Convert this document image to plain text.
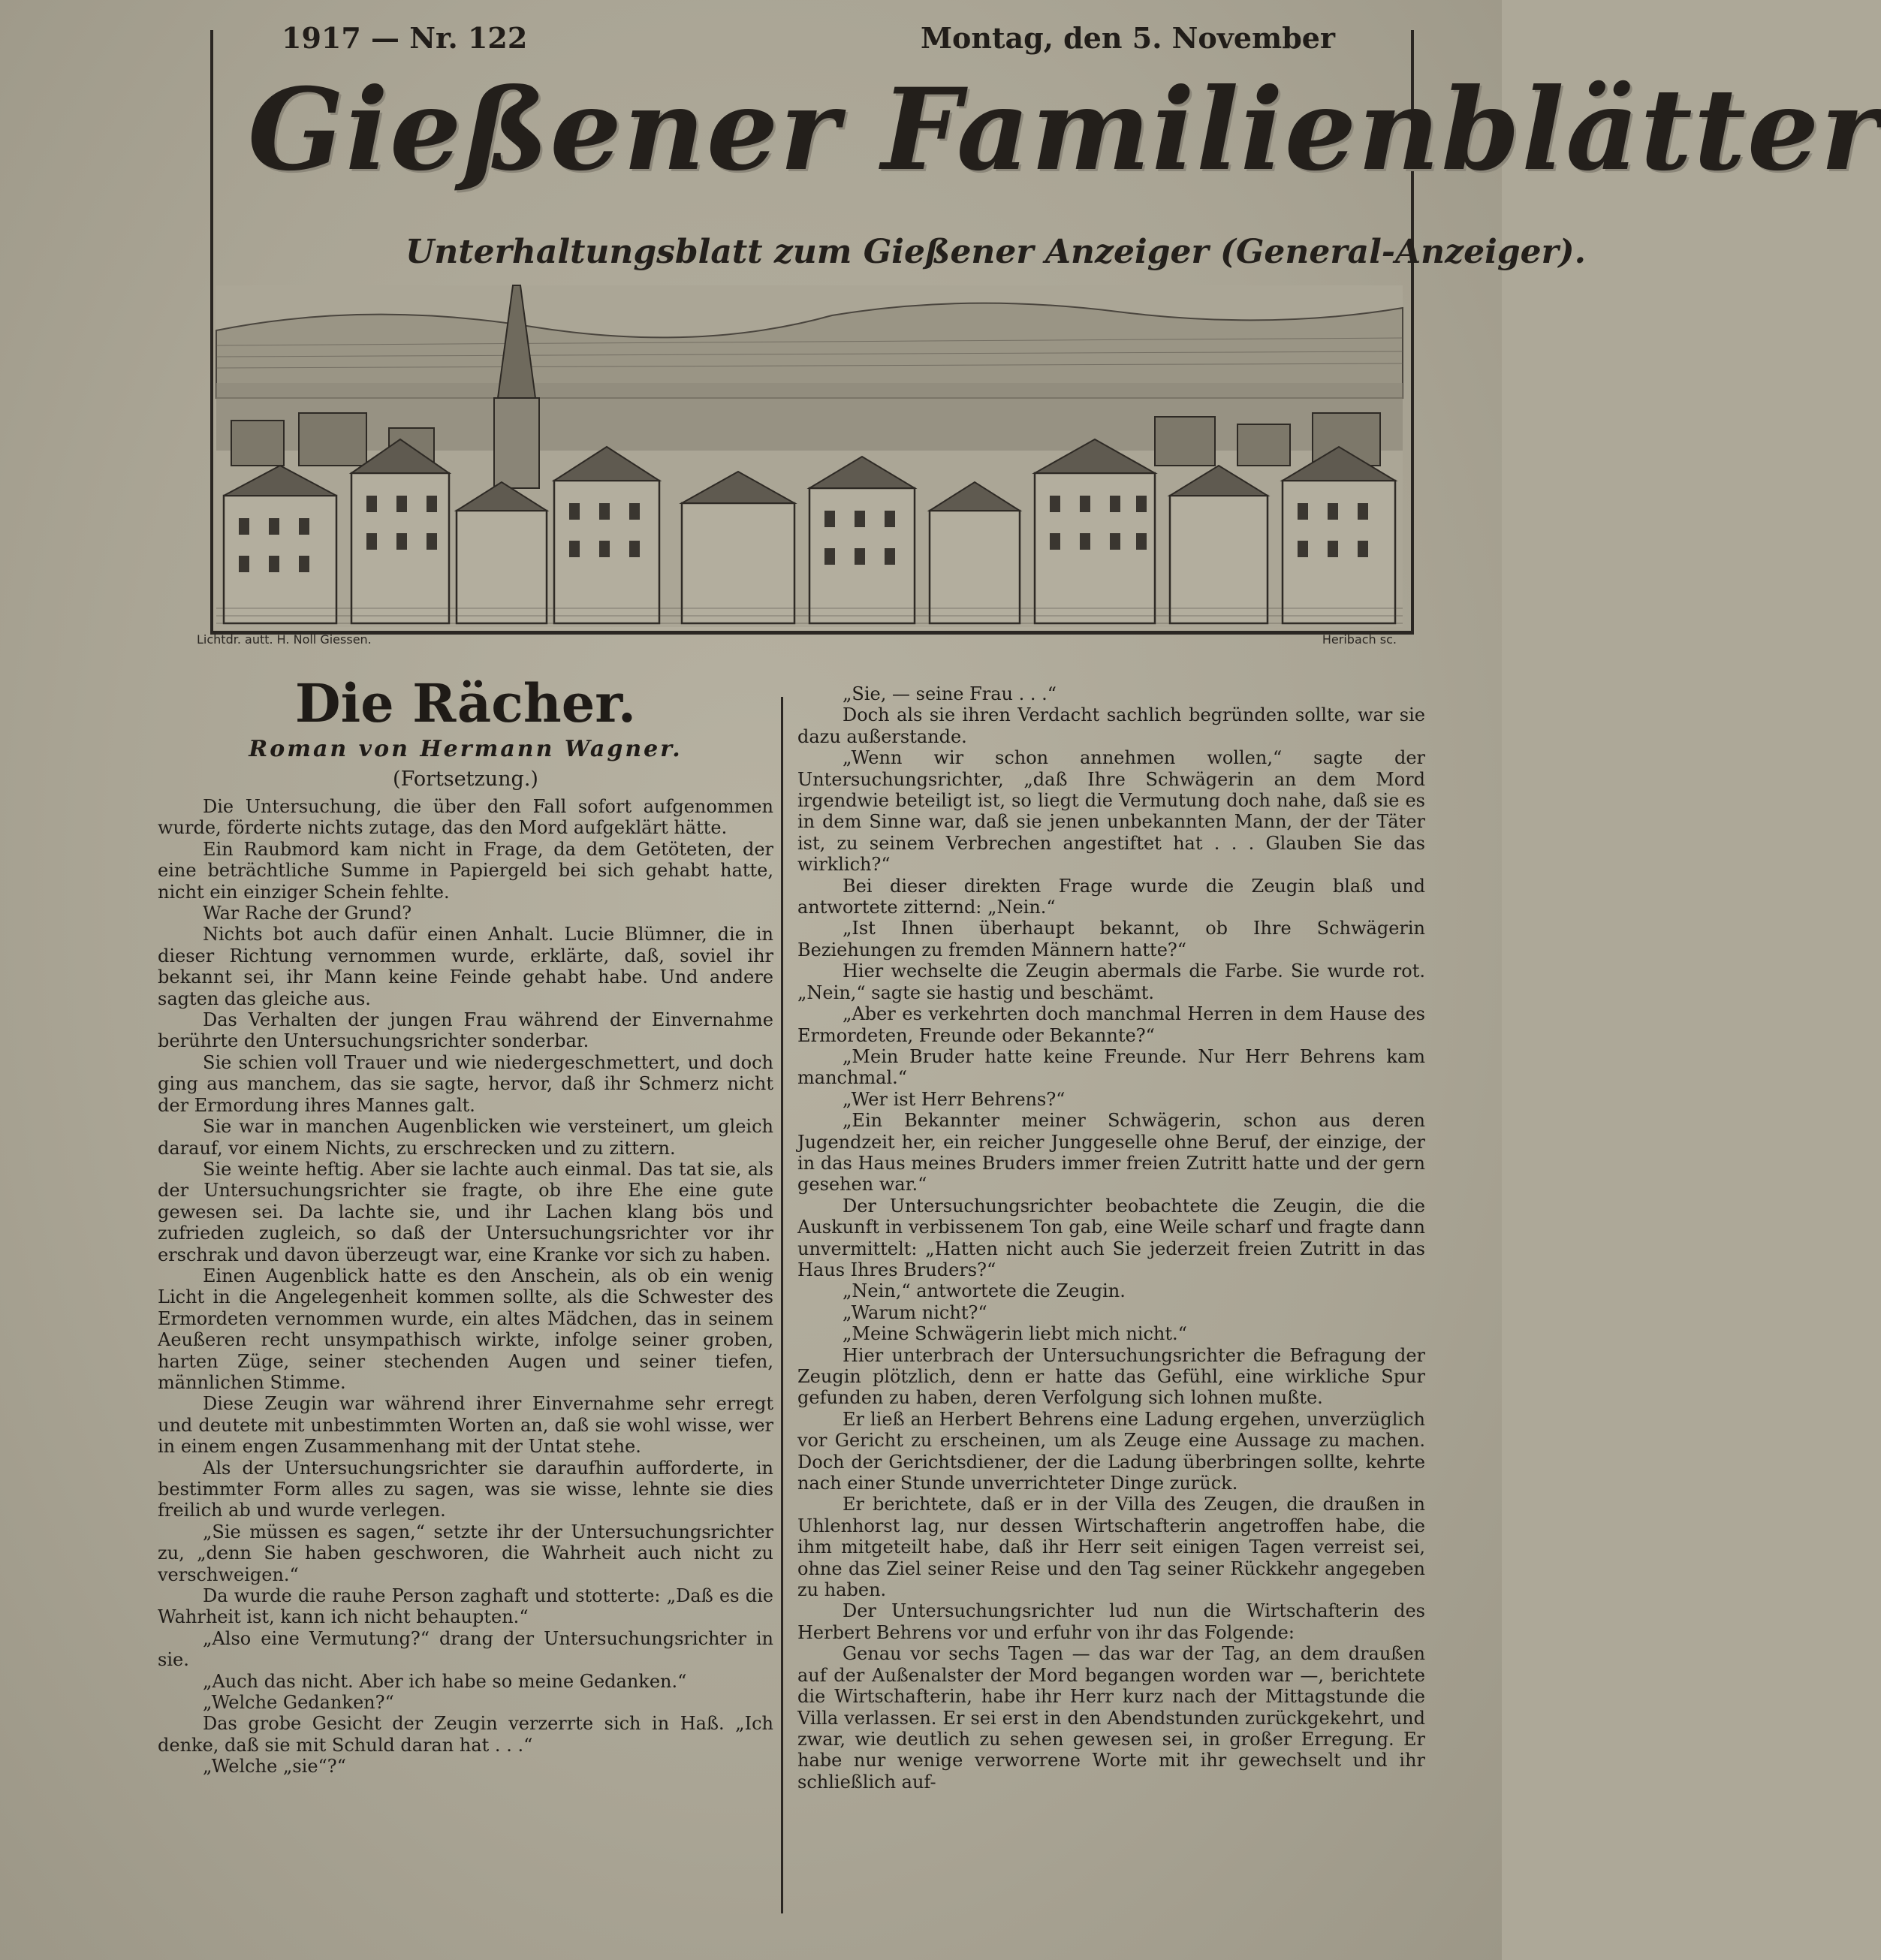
1917 — Nr. 122	Montag, den 5. November
Gießener Familienblätter
Unterhaltungsblatt zum Gießener Anzeiger (General-Anzeiger).
Lichtdr. autt. H. Noll Giessen.	Heribach sc.
Die Rächer.
Roman von Hermann Wagner.
(Fortsetzung.)

Die Untersuchung, die über den Fall sofort aufgenommen wurde, förderte nichts zutage, das den Mord aufgeklärt hätte.

Ein Raubmord kam nicht in Frage, da dem Getöteten, der eine beträchtliche Summe in Papiergeld bei sich gehabt hatte, nicht ein einziger Schein fehlte.

War Rache der Grund?

Nichts bot auch dafür einen Anhalt. Lucie Blümner, die in dieser Richtung vernommen wurde, erklärte, daß, soviel ihr bekannt sei, ihr Mann keine Feinde gehabt habe. Und andere sagten das gleiche aus.

Das Verhalten der jungen Frau während der Einvernahme berührte den Untersuchungsrichter sonderbar.

Sie schien voll Trauer und wie niedergeschmettert, und doch ging aus manchem, das sie sagte, hervor, daß ihr Schmerz nicht der Ermordung ihres Mannes galt.

Sie war in manchen Augenblicken wie versteinert, um gleich darauf, vor einem Nichts, zu erschrecken und zu zittern.

Sie weinte heftig. Aber sie lachte auch einmal. Das tat sie, als der Untersuchungsrichter sie fragte, ob ihre Ehe eine gute gewesen sei. Da lachte sie, und ihr Lachen klang bös und zufrieden zugleich, so daß der Untersuchungsrichter vor ihr erschrak und davon überzeugt war, eine Kranke vor sich zu haben.

Einen Augenblick hatte es den Anschein, als ob ein wenig Licht in die Angelegenheit kommen sollte, als die Schwester des Ermordeten vernommen wurde, ein altes Mädchen, das in seinem Aeußeren recht unsympathisch wirkte, infolge seiner groben, harten Züge, seiner stechenden Augen und seiner tiefen, männlichen Stimme.

Diese Zeugin war während ihrer Einvernahme sehr erregt und deutete mit unbestimmten Worten an, daß sie wohl wisse, wer in einem engen Zusammenhang mit der Untat stehe.

Als der Untersuchungsrichter sie daraufhin aufforderte, in bestimmter Form alles zu sagen, was sie wisse, lehnte sie dies freilich ab und wurde verlegen.

„Sie müssen es sagen,“ setzte ihr der Untersuchungsrichter zu, „denn Sie haben geschworen, die Wahrheit auch nicht zu verschweigen.“

Da wurde die rauhe Person zaghaft und stotterte: „Daß es die Wahrheit ist, kann ich nicht behaupten.“

„Also eine Vermutung?“ drang der Untersuchungsrichter in sie.

„Auch das nicht. Aber ich habe so meine Gedanken.“

„Welche Gedanken?“

Das grobe Gesicht der Zeugin verzerrte sich in Haß. „Ich denke, daß sie mit Schuld daran hat . . .“

„Welche „sie“?“

„Sie, — seine Frau . . .“

Doch als sie ihren Verdacht sachlich begründen sollte, war sie dazu außerstande.

„Wenn wir schon annehmen wollen,“ sagte der Untersuchungsrichter, „daß Ihre Schwägerin an dem Mord irgendwie beteiligt ist, so liegt die Vermutung doch nahe, daß sie es in dem Sinne war, daß sie jenen unbekannten Mann, der der Täter ist, zu seinem Verbrechen angestiftet hat . . . Glauben Sie das wirklich?“

Bei dieser direkten Frage wurde die Zeugin blaß und antwortete zitternd: „Nein.“

„Ist Ihnen überhaupt bekannt, ob Ihre Schwägerin Beziehungen zu fremden Männern hatte?“

Hier wechselte die Zeugin abermals die Farbe. Sie wurde rot. „Nein,“ sagte sie hastig und beschämt.

„Aber es verkehrten doch manchmal Herren in dem Hause des Ermordeten, Freunde oder Bekannte?“

„Mein Bruder hatte keine Freunde. Nur Herr Behrens kam manchmal.“

„Wer ist Herr Behrens?“

„Ein Bekannter meiner Schwägerin, schon aus deren Jugendzeit her, ein reicher Junggeselle ohne Beruf, der einzige, der in das Haus meines Bruders immer freien Zutritt hatte und der gern gesehen war.“

Der Untersuchungsrichter beobachtete die Zeugin, die die Auskunft in verbissenem Ton gab, eine Weile scharf und fragte dann unvermittelt: „Hatten nicht auch Sie jederzeit freien Zutritt in das Haus Ihres Bruders?“

„Nein,“ antwortete die Zeugin.

„Warum nicht?“

„Meine Schwägerin liebt mich nicht.“

Hier unterbrach der Untersuchungsrichter die Befragung der Zeugin plötzlich, denn er hatte das Gefühl, eine wirkliche Spur gefunden zu haben, deren Verfolgung sich lohnen mußte.

Er ließ an Herbert Behrens eine Ladung ergehen, unverzüglich vor Gericht zu erscheinen, um als Zeuge eine Aussage zu machen. Doch der Gerichtsdiener, der die Ladung überbringen sollte, kehrte nach einer Stunde unverrichteter Dinge zurück.

Er berichtete, daß er in der Villa des Zeugen, die draußen in Uhlenhorst lag, nur dessen Wirtschafterin angetroffen habe, die ihm mitgeteilt habe, daß ihr Herr seit einigen Tagen verreist sei, ohne das Ziel seiner Reise und den Tag seiner Rückkehr angegeben zu haben.

Der Untersuchungsrichter lud nun die Wirtschafterin des Herbert Behrens vor und erfuhr von ihr das Folgende:

Genau vor sechs Tagen — das war der Tag, an dem draußen auf der Außenalster der Mord begangen worden war —, berichtete die Wirtschafterin, habe ihr Herr kurz nach der Mittagstunde die Villa verlassen. Er sei erst in den Abendstunden zurückgekehrt, und zwar, wie deutlich zu sehen gewesen sei, in großer Erregung. Er habe nur wenige verworrene Worte mit ihr gewechselt und ihr schließlich auf-
